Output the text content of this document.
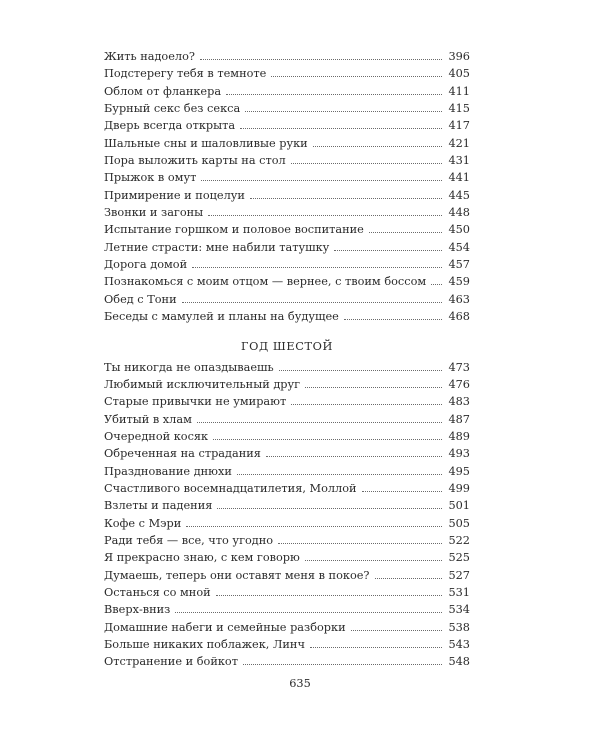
Жить надоело?	396
Подстерегу тебя в темноте	405
Облом от фланкера	411
Бурный секс без секса	415
Дверь всегда открыта	417
Шальные сны и шаловливые руки	421
Пора выложить карты на стол	431
Прыжок в омут	441
Примирение и поцелуи	445
Звонки и загоны	448
Испытание горшком и половое воспитание	450
Летние страсти: мне набили татушку	454
Дорога домой	457
Познакомься с моим отцом — вернее, с твоим боссом 459
Обед с Тони	463
Беседы с мамулей и планы на будущее	468
ГОД ШЕСТОЙ
Ты никогда не опаздываешь	473
Любимый исключительный друг	476
Старые привычки не умирают	483
Убитый в хлам	487
Очередной косяк	489
Обреченная на страдания	493
Празднование днюхи	495
Счастливого восемнадцатилетия, Моллой	499
Взлеты и падения	501
Кофе с Мэри	505
Ради тебя — все, что угодно	522
Я прекрасно знаю, с кем говорю	525
Думаешь, теперь они оставят меня в покое?	527
Останься со мной	531
Вверх-вниз	534
Домашние набеги и семейные разборки	538
Больше никаких поблажек, Линч	543
Отстранение и бойкот	548
635
